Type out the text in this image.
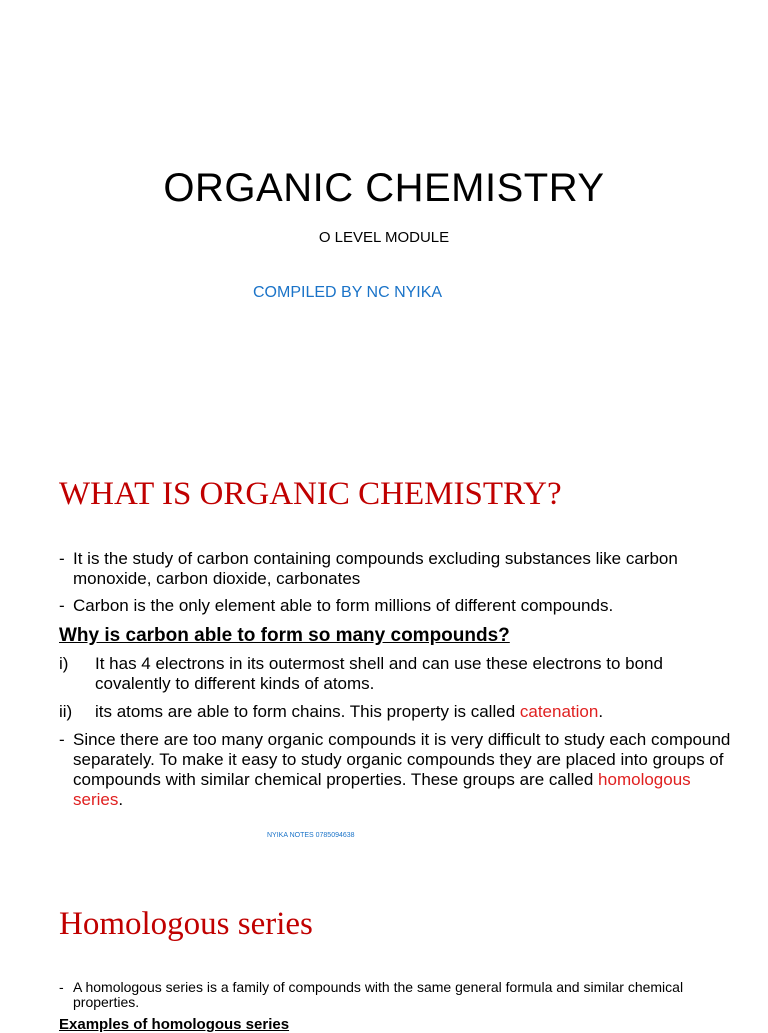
ORGANIC CHEMISTRY
O LEVEL MODULE
COMPILED BY NC NYIKA
WHAT IS ORGANIC CHEMISTRY?
- It is the study of carbon containing compounds excluding substances like carbon monoxide, carbon dioxide, carbonates
- Carbon is the only element able to form millions of different compounds.
Why is carbon able to form so many compounds?
i) It has 4 electrons in its outermost shell and can use these electrons to bond covalently to different kinds of atoms.
ii) its atoms are able to form chains. This property is called catenation.
- Since there are too many organic compounds it is very difficult to study each compound separately. To make it easy to study organic compounds they are placed into groups of compounds with similar chemical properties. These groups are called homologous series.
NYIKA NOTES 0785094638
Homologous series
- A homologous series is a family of compounds with the same general formula and similar chemical properties.
Examples of homologous series
